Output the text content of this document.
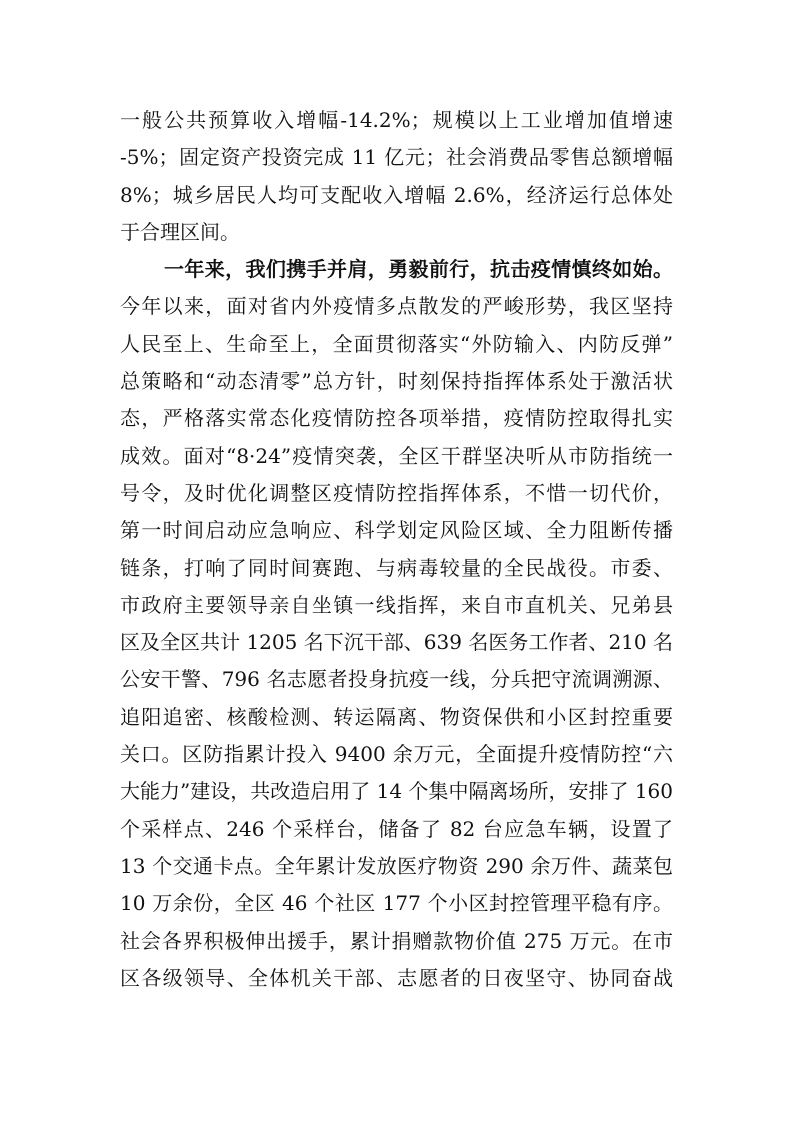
一般公共预算收入增幅-14.2%；规模以上工业增加值增速
-5%；固定资产投资完成 11 亿元；社会消费品零售总额增幅
8%；城乡居民人均可支配收入增幅 2.6%，经济运行总体处
于合理区间。
一年来，我们携手并肩，勇毅前行，抗击疫情慎终如始。
今年以来，面对省内外疫情多点散发的严峻形势，我区坚持
人民至上、生命至上，全面贯彻落实“外防输入、内防反弹”
总策略和“动态清零”总方针，时刻保持指挥体系处于激活状
态，严格落实常态化疫情防控各项举措，疫情防控取得扎实
成效。面对“8·24”疫情突袭，全区干群坚决听从市防指统一
号令，及时优化调整区疫情防控指挥体系，不惜一切代价，
第一时间启动应急响应、科学划定风险区域、全力阻断传播
链条，打响了同时间赛跑、与病毒较量的全民战役。市委、
市政府主要领导亲自坐镇一线指挥，来自市直机关、兄弟县
区及全区共计 1205 名下沉干部、639 名医务工作者、210 名
公安干警、796 名志愿者投身抗疫一线，分兵把守流调溯源、
追阳追密、核酸检测、转运隔离、物资保供和小区封控重要
关口。区防指累计投入 9400 余万元，全面提升疫情防控“六
大能力”建设，共改造启用了 14 个集中隔离场所，安排了 160
个采样点、246 个采样台，储备了 82 台应急车辆，设置了
13 个交通卡点。全年累计发放医疗物资 290 余万件、蔬菜包
10 万余份，全区 46 个社区 177 个小区封控管理平稳有序。
社会各界积极伸出援手，累计捐赠款物价值 275 万元。在市
区各级领导、全体机关干部、志愿者的日夜坚守、协同奋战
